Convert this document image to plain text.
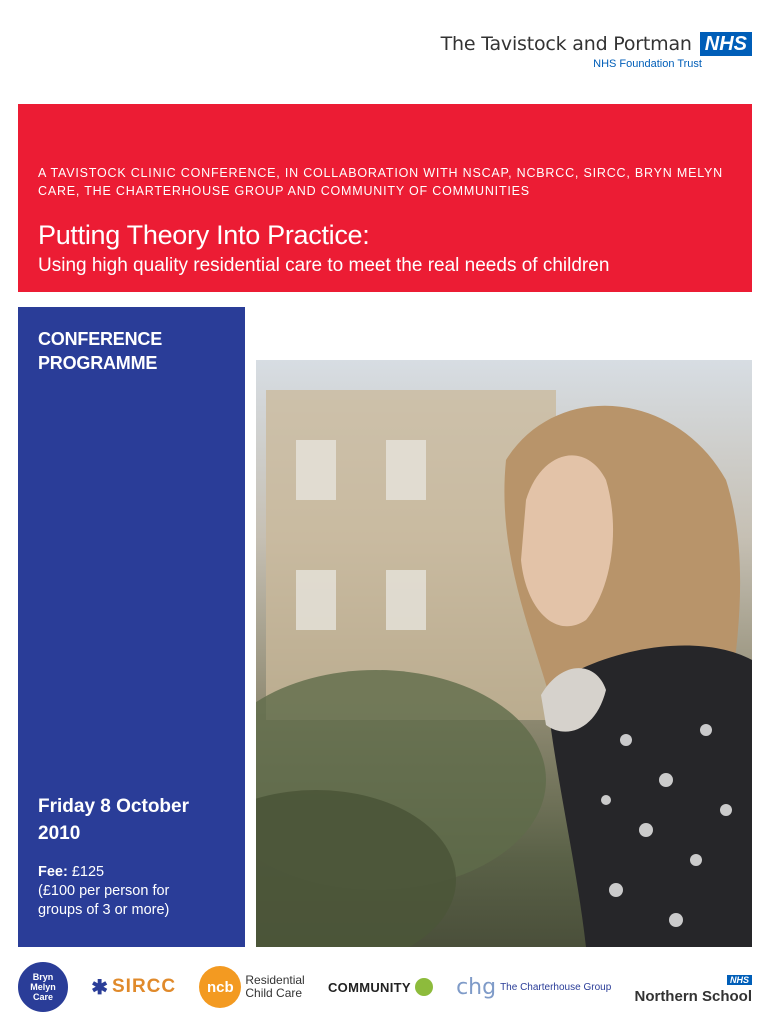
The Tavistock and Portman NHS
NHS Foundation Trust
A TAVISTOCK CLINIC CONFERENCE, IN COLLABORATION WITH NSCAP, NCBRCC, SIRCC, BRYN MELYN CARE, THE CHARTERHOUSE GROUP AND COMMUNITY OF COMMUNITIES
Putting Theory Into Practice:
Using high quality residential care to meet the real needs of children
CONFERENCE
PROGRAMME
Friday 8 October
2010
Fee: £125
(£100 per person for
groups of 3 or more)
Bryn Melyn Care	✱ SIRCC	ncb Residential
Child Care COMMUNITY chg The Charterhouse Group
NHS
Northern School
